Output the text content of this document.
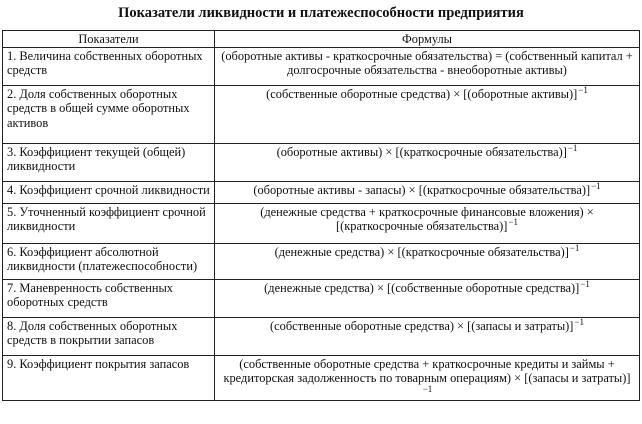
Показатели ликвидности и платежеспособности предприятия
Показатели	Формулы
1. Величина собственных оборотных средств	(оборотные активы - краткосрочные обязательства) = (собственный капитал +
долгосрочные обязательства - внеоборотные активы)

2. Доля собственных оборотных средств в общей сумме оборотных активов	(собственные оборотные средства) × [(оборотные активы)]$^{-1}$
3. Коэффициент текущей (общей) ликвидности	(оборотные активы) × [(краткосрочные обязательства)]$^{-1}$
4. Коэффициент срочной ликвидности	(оборотные активы - запасы) × [(краткосрочные обязательства)]$^{-1}$
5. Уточненный коэффициент срочной ликвидности	(денежные средства + краткосрочные финансовые вложения) ×
[(краткосрочные обязательства)]$^{-1}$

6. Коэффициент абсолютной ликвидности (платежеспособности)	(денежные средства) × [(краткосрочные обязательства)]$^{-1}$
7. Маневренность собственных оборотных средств	(денежные средства) × [(собственные оборотные средства)]$^{-1}$
8. Доля собственных оборотных средств в покрытии запасов	(собственные оборотные средства) × [(запасы и затраты)]$^{-1}$
9. Коэффициент покрытия запасов	(собственные оборотные средства + краткосрочные кредиты и займы +
кредиторская задолженность по товарным операциям) × [(запасы и затраты)]$^{-1}$
